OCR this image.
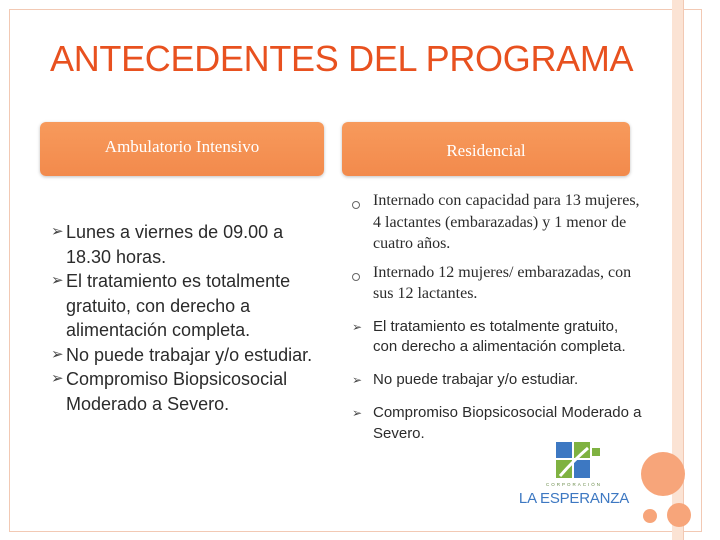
ANTECEDENTES DEL PROGRAMA
Ambulatorio Intensivo	Residencial
➢ Lunes a viernes de 09.00 a 18.30 horas.
➢ El tratamiento es totalmente gratuito, con derecho a alimentación completa.
➢ No puede trabajar y/o estudiar.
➢ Compromiso Biopsicosocial Moderado a Severo.
Internado con capacidad para 13 mujeres, 4 lactantes (embarazadas) y 1 menor de cuatro años.
Internado 12 mujeres/ embarazadas, con sus 12 lactantes.
➢ El tratamiento es totalmente gratuito, con derecho a alimentación completa.
➢ No puede trabajar y/o estudiar.
➢ Compromiso Biopsicosocial Moderado a Severo.
CORPORACIÓN
LA ESPERANZA
